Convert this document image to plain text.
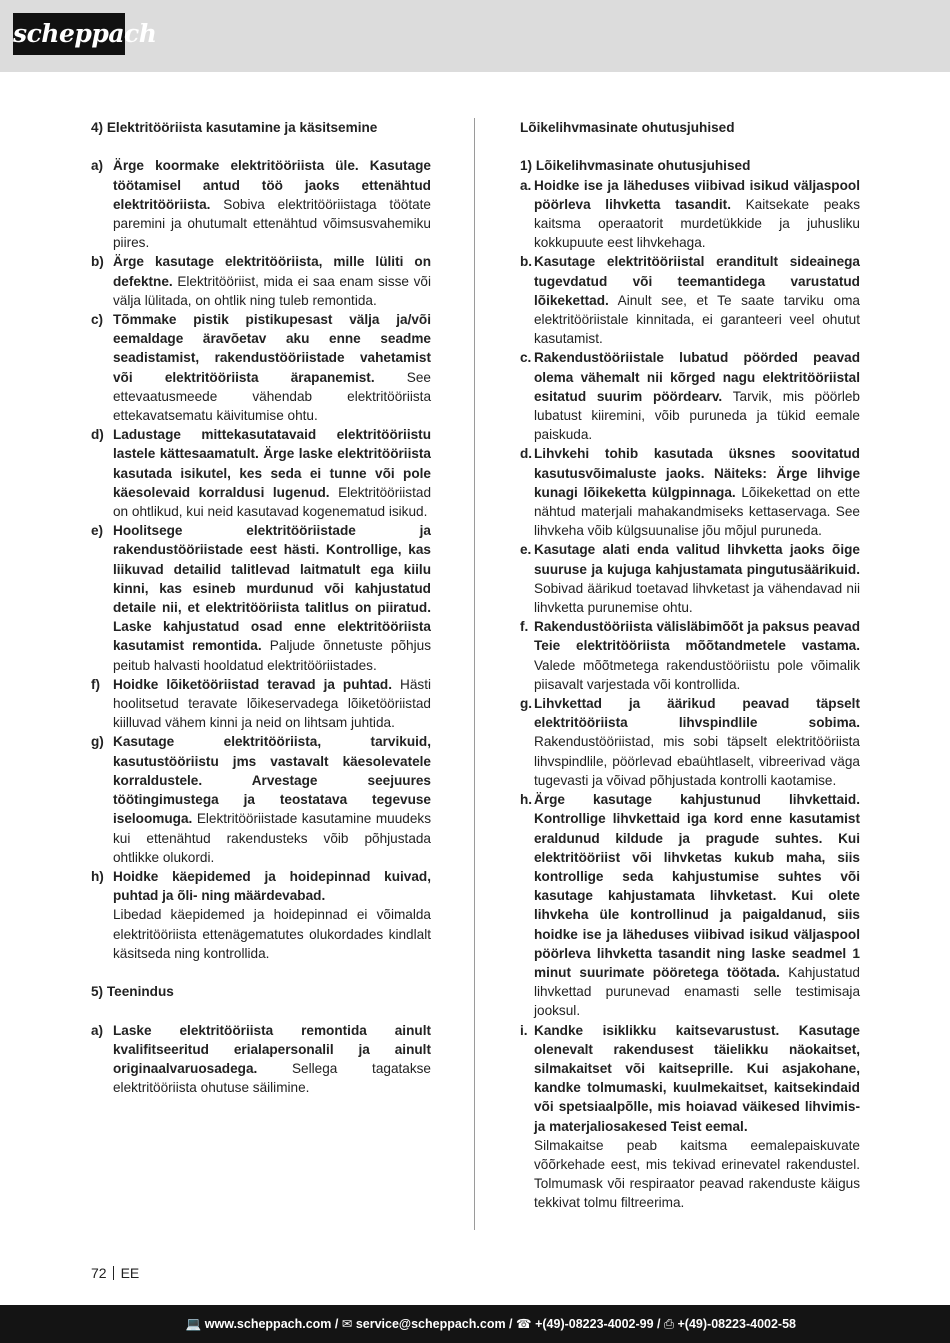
scheppach

4) Elektritööriista kasutamine ja käsitsemine

a) Ärge koormake elektritööriista üle. Kasutage töötamisel antud töö jaoks ettenähtud elektritööriista. Sobiva elektritööriistaga töötate paremini ja ohutumalt ettenähtud võimsusvahemiku piires.
b) Ärge kasutage elektritööriista, mille lüliti on defektne. Elektritööriist, mida ei saa enam sisse või välja lülitada, on ohtlik ning tuleb remontida.
c) Tõmmake pistik pistikupesast välja ja/või eemaldage äravõetav aku enne seadme seadistamist, rakendustööriistade vahetamist või elektritööriista ärapanemist. See ettevaatusmeede vähendab elektritööriista ettekavatsematu käivitumise ohtu.
d) Ladustage mittekasutatavaid elektritööriistu lastele kättesaamatult. Ärge laske elektritööriista kasutada isikutel, kes seda ei tunne või pole käesolevaid korraldusi lugenud. Elektritööriistad on ohtlikud, kui neid kasutavad kogenematud isikud.
e) Hoolitsege elektritööriistade ja rakendustööriistade eest hästi. Kontrollige, kas liikuvad detailid talitlevad laitmatult ega kiilu kinni, kas esineb murdunud või kahjustatud detaile nii, et elektritööriista talitlus on piiratud. Laske kahjustatud osad enne elektritööriista kasutamist remontida. Paljude õnnetuste põhjus peitub halvasti hooldatud elektritööriistades.
f) Hoidke lõiketööriistad teravad ja puhtad. Hästi hoolitsetud teravate lõikeservadega lõiketööriistad kiilluvad vähem kinni ja neid on lihtsam juhtida.
g) Kasutage elektritööriista, tarvikuid, kasutustööriistu jms vastavalt käesolevatele korraldustele. Arvestage seejuures töötingimustega ja teostatava tegevuse iseloomuga. Elektritööriistade kasutamine muudeks kui ettenähtud rakendusteks võib põhjustada ohtlikke olukordi.
h) Hoidke käepidemed ja hoidepinnad kuivad, puhtad ja õli- ning määrdevabad.
Libedad käepidemed ja hoidepinnad ei võimalda elektritööriista ettenägematutes olukordades kindlalt käsitseda ning kontrollida.

5) Teenindus

a) Laske elektritööriista remontida ainult kvalifitseeritud erialapersonalil ja ainult originaalvaruosadega. Sellega tagatakse elektritööriista ohutuse säilimine.

Lõikelihvmasinate ohutusjuhised

1) Lõikelihvmasinate ohutusjuhised

a. Hoidke ise ja läheduses viibivad isikud väljaspool pöörleva lihvketta tasandit. Kaitsekate peaks kaitsma operaatorit murdetükkide ja juhusliku kokkupuute eest lihvkehaga.
b. Kasutage elektritööriistal eranditult sideainega tugevdatud või teemantidega varustatud lõikekettad. Ainult see, et Te saate tarviku oma elektritööriistale kinnitada, ei garanteeri veel ohutut kasutamist.
c. Rakendustööriistale lubatud pöörded peavad olema vähemalt nii kõrged nagu elektritööriistal esitatud suurim pöördearv. Tarvik, mis pöörleb lubatust kiiremini, võib puruneda ja tükid eemale paiskuda.
d. Lihvkehi tohib kasutada üksnes soovitatud kasutusvõimaluste jaoks. Näiteks: Ärge lihvige kunagi lõikeketta külgpinnaga. Lõikekettad on ette nähtud materjali mahakandmiseks kettaservaga. See lihvkeha võib külgsuunalise jõu mõjul puruneda.
e. Kasutage alati enda valitud lihvketta jaoks õige suuruse ja kujuga kahjustamata pingutusäärikuid. Sobivad äärikud toetavad lihvketast ja vähendavad nii lihvketta purunemise ohtu.
f. Rakendustööriista välisläbimõõt ja paksus peavad Teie elektritööriista mõõtandmetele vastama. Valede mõõtmetega rakendustööriistu pole võimalik piisavalt varjestada või kontrollida.
g. Lihvkettad ja äärikud peavad täpselt elektritööriista lihvspindlile sobima. Rakendustööriistad, mis sobi täpselt elektritööriista lihvspindlile, pöörlevad ebaühtlaselt, vibreerivad väga tugevasti ja võivad põhjustada kontrolli kaotamise.
h. Ärge kasutage kahjustunud lihvkettaid. Kontrollige lihvkettaid iga kord enne kasutamist eraldunud kildude ja pragude suhtes. Kui elektritööriist või lihvketas kukub maha, siis kontrollige seda kahjustumise suhtes või kasutage kahjustamata lihvketast. Kui olete lihvkeha üle kontrollinud ja paigaldanud, siis hoidke ise ja läheduses viibivad isikud väljaspool pöörleva lihvketta tasandit ning laske seadmel 1 minut suurimate pööretega töötada. Kahjustatud lihvkettad purunevad enamasti selle testimisaja jooksul.
i. Kandke isiklikku kaitsevarustust. Kasutage olenevalt rakendusest täielikku näokaitset, silmakaitset või kaitseprille. Kui asjakohane, kandke tolmumaski, kuulmekaitset, kaitsekindaid või spetsiaalpõlle, mis hoiavad väikesed lihvimis- ja materjaliosakesed Teist eemal.
Silmakaitse peab kaitsma eemalepaiskuvate võõrkehade eest, mis tekivad erinevatel rakendustel. Tolmumask või respiraator peavad rakenduste käigus tekkivat tolmu filtreerima.
72 EE
💻 www.scheppach.com / ✉ service@scheppach.com / ☎ +(49)-08223-4002-99 / ⎙ +(49)-08223-4002-58
